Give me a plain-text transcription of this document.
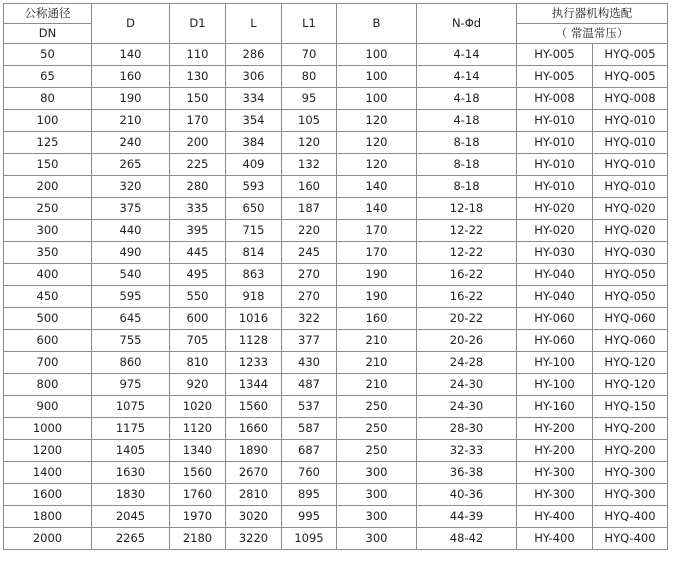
公称通径	D	D1	L	L1	B	N-Φd	执行器机构选配	
DN							（ 常温常压）	
50	140	110	286	70	100	4-14	HY-005	HYQ-005
65	160	130	306	80	100	4-14	HY-005	HYQ-005
80	190	150	334	95	100	4-18	HY-008	HYQ-008
100	210	170	354	105	120	4-18	HY-010	HYQ-010
125	240	200	384	120	120	8-18	HY-010	HYQ-010
150	265	225	409	132	120	8-18	HY-010	HYQ-010
200	320	280	593	160	140	8-18	HY-010	HYQ-010
250	375	335	650	187	140	12-18	HY-020	HYQ-020
300	440	395	715	220	170	12-22	HY-020	HYQ-020
350	490	445	814	245	170	12-22	HY-030	HYQ-030
400	540	495	863	270	190	16-22	HY-040	HYQ-050
450	595	550	918	270	190	16-22	HY-040	HYQ-050
500	645	600	1016	322	160	20-22	HY-060	HYQ-060
600	755	705	1128	377	210	20-26	HY-060	HYQ-060
700	860	810	1233	430	210	24-28	HY-100	HYQ-120
800	975	920	1344	487	210	24-30	HY-100	HYQ-120
900	1075	1020	1560	537	250	24-30	HY-160	HYQ-150
1000	1175	1120	1660	587	250	28-30	HY-200	HYQ-200
1200	1405	1340	1890	687	250	32-33	HY-200	HYQ-200
1400	1630	1560	2670	760	300	36-38	HY-300	HYQ-300
1600	1830	1760	2810	895	300	40-36	HY-300	HYQ-300
1800	2045	1970	3020	995	300	44-39	HY-400	HYQ-400
2000	2265	2180	3220	1095	300	48-42	HY-400	HYQ-400
